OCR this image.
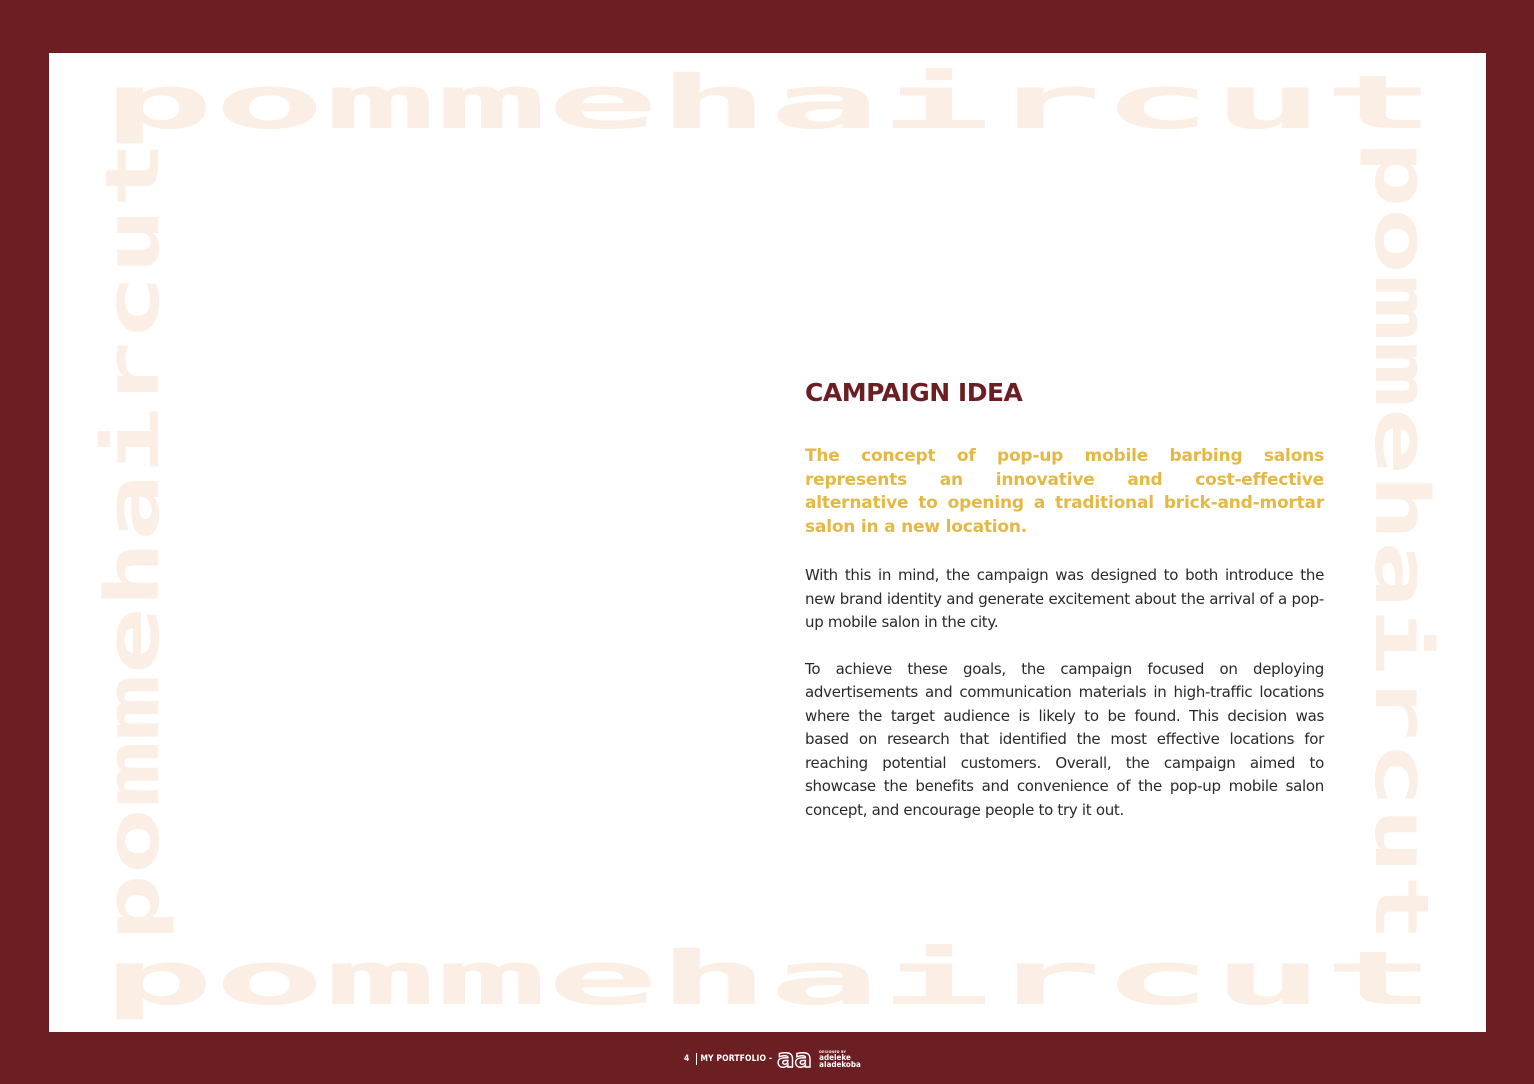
pommehaircut
pommehaircut
pommehaircut	pommehaircut
CAMPAIGN IDEA

The concept of pop-up mobile barbing salons represents an innovative and cost-effective alternative to opening a traditional brick-and-mortar salon in a new location.

With this in mind, the campaign was designed to both introduce the new brand identity and generate excitement about the arrival of a pop-up mobile salon in the city.

To achieve these goals, the campaign focused on deploying advertisements and communication materials in high-traffic locations where the target audience is likely to be found. This decision was based on research that identified the most effective locations for reaching potential customers. Overall, the campaign aimed to showcase the benefits and convenience of the pop-up mobile salon concept, and encourage people to try it out.

4 MY PORTFOLIO - aa DESIGNED BY
adeleke
aladekoba
